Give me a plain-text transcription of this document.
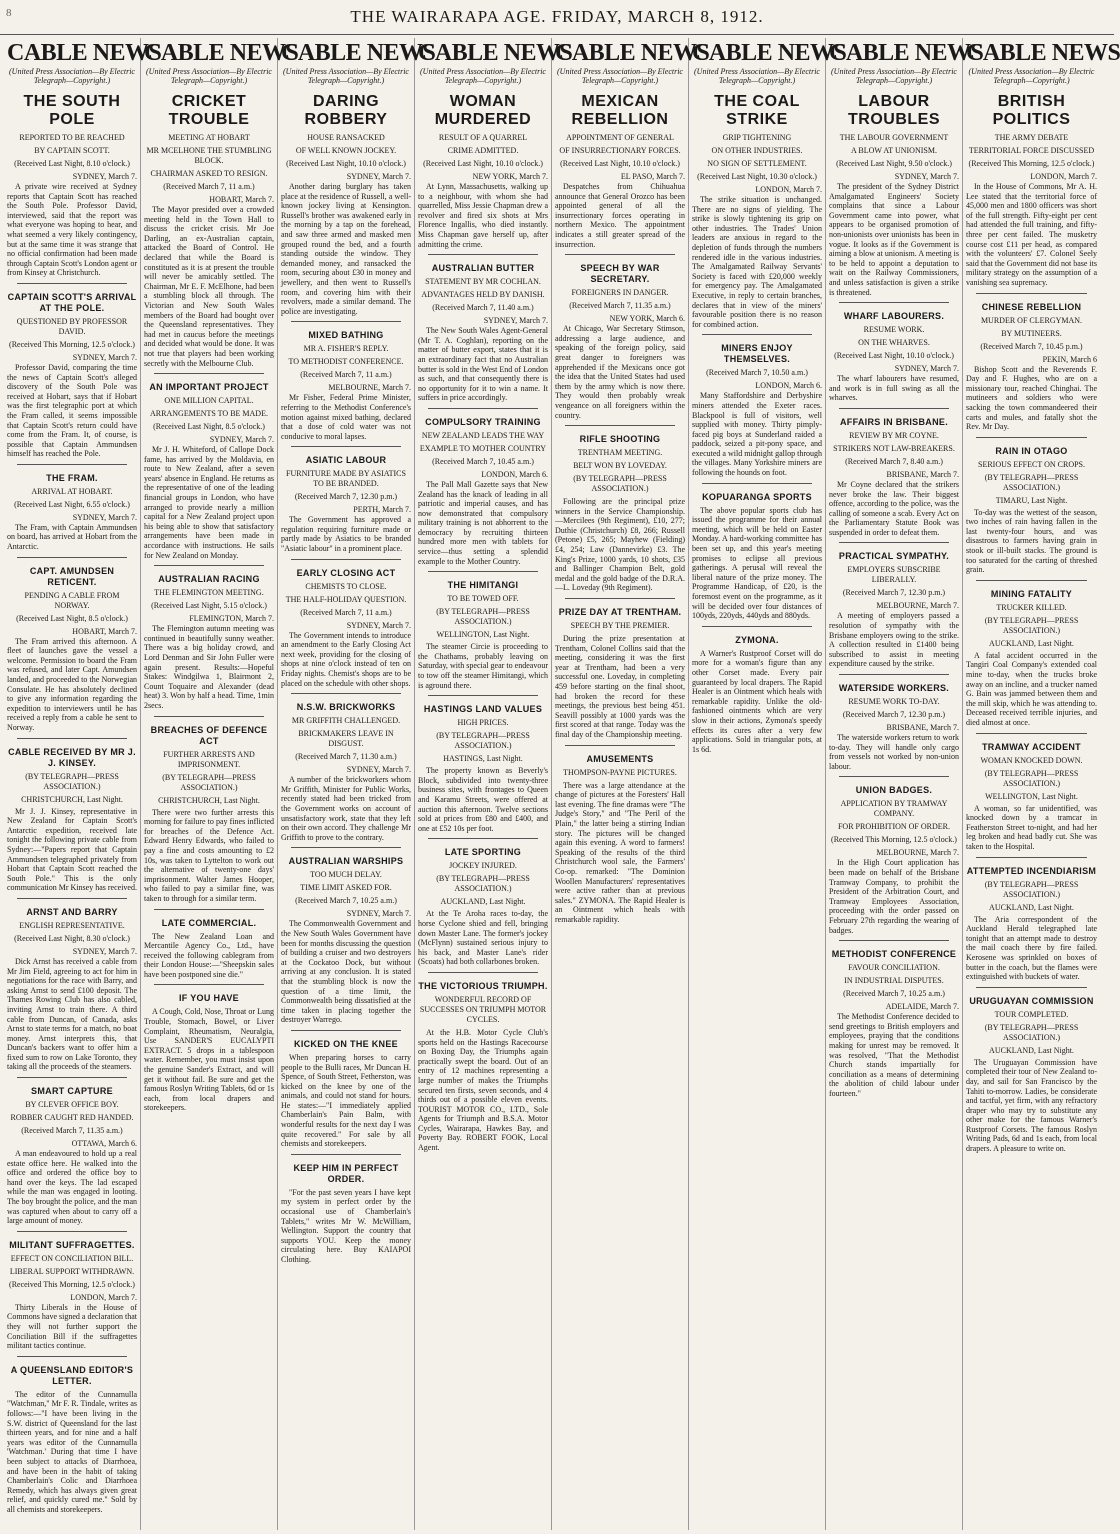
8	THE WAIRARAPA AGE. FRIDAY, MARCH 8, 1912.
CABLE NEWS
(United Press Association—By Electric Telegraph—Copyright.)
THE SOUTH POLE
REPORTED TO BE REACHED
BY CAPTAIN SCOTT.
(Received Last Night, 8.10 o'clock.)
SYDNEY, March 7.

A private wire received at Sydney reports that Captain Scott has reached the South Pole. Professor David, interviewed, said that the report was what everyone was hoping to hear, and what seemed a very likely contingency, but at the same time it was strange that no official confirmation had been made through Captain Scott's London agent or from Kinsey at Christchurch.

CAPTAIN SCOTT'S ARRIVAL AT THE POLE.
QUESTIONED BY PROFESSOR DAVID.
(Received This Morning, 12.5 o'clock.)
SYDNEY, March 7.

Professor David, comparing the time the news of Captain Scott's alleged discovery of the South Pole was received at Hobart, says that if Hobart was the first telegraphic port at which the Fram called, it seems impossible that Captain Scott's return could have come from the Fram. It, of course, is possible that Captain Ammundsen himself has reached the Pole.

THE FRAM.
ARRIVAL AT HOBART.
(Received Last Night, 6.55 o'clock.)
SYDNEY, March 7.

The Fram, with Captain Ammundsen on board, has arrived at Hobart from the Antarctic.

CAPT. AMUNDSEN RETICENT.
PENDING A CABLE FROM NORWAY.
(Received Last Night, 8.5 o'clock.)
HOBART, March 7.

The Fram arrived this afternoon. A fleet of launches gave the vessel a welcome. Permission to board the Fram was refused, and later Capt. Amundsen landed, and proceeded to the Norwegian Consulate. He has absolutely declined to give any information regarding the expedition to interviewers until he has received a reply from a cable he sent to Norway.

CABLE RECEIVED BY MR J. J. KINSEY.
(BY TELEGRAPH—PRESS ASSOCIATION.)
CHRISTCHURCH, Last Night.

Mr J. J. Kinsey, representative in New Zealand for Captain Scott's Antarctic expedition, received late tonight the following private cable from Sydney:—"Papers report that Captain Ammundsen telegraphed privately from Hobart that Captain Scott reached the South Pole." This is the only communication Mr Kinsey has received.

ARNST AND BARRY
ENGLISH REPRESENTATIVE.
(Received Last Night, 8.30 o'clock.)
SYDNEY, March 7.

Dick Arnst has received a cable from Mr Jim Field, agreeing to act for him in negotiations for the race with Barry, and asking Arnst to send £100 deposit. The Thames Rowing Club has also cabled, inviting Arnst to train there. A third cable from Duncan, of Canada, asks Arnst to state terms for a match, no boat money. Arnst interprets this, that Duncan's backers want to offer him a fixed sum to row on Lake Toronto, they taking all the proceeds of the steamers.

SMART CAPTURE
BY CLEVER OFFICE BOY.
ROBBER CAUGHT RED HANDED.
(Received March 7, 11.35 a.m.)
OTTAWA, March 6.

A man endeavoured to hold up a real estate office here. He walked into the office and ordered the office boy to hand over the keys. The lad escaped while the man was engaged in looting. The boy brought the police, and the man was captured when about to carry off a large amount of money.

MILITANT SUFFRAGETTES.
EFFECT ON CONCILIATION BILL.
LIBERAL SUPPORT WITHDRAWN.
(Received This Morning, 12.5 o'clock.)
LONDON, March 7.

Thirty Liberals in the House of Commons have signed a declaration that they will not further support the Conciliation Bill if the suffragettes militant tactics continue.

A QUEENSLAND EDITOR'S LETTER.

The editor of the Cunnamulla "Watchman," Mr F. R. Tindale, writes as follows:—"I have been living in the S.W. district of Queensland for the last thirteen years, and for nine and a half years was editor of the Cunnamulla 'Watchman.' During that time I have been subject to attacks of Diarrhoea, and have been in the habit of taking Chamberlain's Colic and Diarrhoea Remedy, which has always given great relief, and quickly cured me." Sold by all chemists and storekeepers.

CABLE NEWS
(United Press Association—By Electric Telegraph—Copyright.)
CRICKET TROUBLE
MEETING AT HOBART
MR MCELHONE THE STUMBLING BLOCK.
CHAIRMAN ASKED TO RESIGN.
(Received March 7, 11 a.m.)
HOBART, March 7.

The Mayor presided over a crowded meeting held in the Town Hall to discuss the cricket crisis. Mr Joe Darling, an ex-Australian captain, attacked the Board of Control. He declared that while the Board is constituted as it is at present the trouble will never be amicably settled. The Chairman, Mr E. F. McElhone, had been a stumbling block all through. The Victorian and New South Wales members of the Board had bought over the Queensland representatives. They had met in caucus before the meetings and decided what would be done. It was not true that players had been working secretly with the Melbourne Club.

AN IMPORTANT PROJECT
ONE MILLION CAPITAL.
ARRANGEMENTS TO BE MADE.
(Received Last Night, 8.5 o'clock.)
SYDNEY, March 7.

Mr J. H. Whiteford, of Callope Dock fame, has arrived by the Moldavia, en route to New Zealand, after a seven years' absence in England. He returns as the representative of one of the leading financial groups in London, who have arranged to provide nearly a million capital for a New Zealand project upon his being able to show that satisfactory arrangements have been made in accordance with instructions. He sails for New Zealand on Monday.

AUSTRALIAN RACING
THE FLEMINGTON MEETING.
(Received Last Night, 5.15 o'clock.)
FLEMINGTON, March 7.

The Flemington autumn meeting was continued in beautifully sunny weather. There was a big holiday crowd, and Lord Denman and Sir John Fuller were again present. Results:—Hopeful Stakes: Windgilwa 1, Blairmont 2, Count Toquaire and Alexander (dead heat) 3. Won by half a head. Time, 1min 2secs.

BREACHES OF DEFENCE ACT
FURTHER ARRESTS AND IMPRISONMENT.
(BY TELEGRAPH—PRESS ASSOCIATION.)
CHRISTCHURCH, Last Night.

There were two further arrests this morning for failure to pay fines inflicted for breaches of the Defence Act. Edward Henry Edwards, who failed to pay a fine and costs amounting to £2 10s, was taken to Lyttelton to work out the alternative of twenty-one days' imprisonment. Walter James Hooper, who failed to pay a similar fine, was taken to through for a similar term.

LATE COMMERCIAL.

The New Zealand Loan and Mercantile Agency Co., Ltd., have received the following cablegram from their London House:—"Sheepskin sales have been postponed sine die."

IF YOU HAVE

A Cough, Cold, Nose, Throat or Lung Trouble, Stomach, Bowel, or Liver Complaint, Rheumatism, Neuralgia, Use SANDER'S EUCALYPTI EXTRACT. 5 drops in a tablespoon water. Remember, you must insist upon the genuine Sander's Extract, and will get it without fail. Be sure and get the famous Roslyn Writing Tablets, 6d or 1s each, from local drapers and storekeepers.

CABLE NEWS
(United Press Association—By Electric Telegraph—Copyright.)
DARING ROBBERY
HOUSE RANSACKED
OF WELL KNOWN JOCKEY.
(Received Last Night, 10.10 o'clock.)
SYDNEY, March 7.

Another daring burglary has taken place at the residence of Russell, a well-known jockey living at Kensington. Russell's brother was awakened early in the morning by a tap on the forehead, and saw three armed and masked men grouped round the bed, and a fourth standing outside the window. They demanded money, and ransacked the room, securing about £30 in money and jewellery, and then went to Russell's room, and covering him with their revolvers, made a similar demand. The police are investigating.

MIXED BATHING
MR A. FISHER'S REPLY.
TO METHODIST CONFERENCE.
(Received March 7, 11 a.m.)
MELBOURNE, March 7.

Mr Fisher, Federal Prime Minister, referring to the Methodist Conference's motion against mixed bathing, declared that a dose of cold water was not conducive to moral lapses.

ASIATIC LABOUR
FURNITURE MADE BY ASIATICS TO BE BRANDED.
(Received March 7, 12.30 p.m.)
PERTH, March 7.

The Government has approved a regulation requiring furniture made or partly made by Asiatics to be branded "Asiatic labour" in a prominent place.

EARLY CLOSING ACT
CHEMISTS TO CLOSE.
THE HALF-HOLIDAY QUESTION.
(Received March 7, 11 a.m.)
SYDNEY, March 7.

The Government intends to introduce an amendment to the Early Closing Act next week, providing for the closing of shops at nine o'clock instead of ten on Friday nights. Chemist's shops are to be placed on the schedule with other shops.

N.S.W. BRICKWORKS
MR GRIFFITH CHALLENGED.
BRICKMAKERS LEAVE IN DISGUST.
(Received March 7, 11.30 a.m.)
SYDNEY, March 7.

A number of the brickworkers whom Mr Griffith, Minister for Public Works, recently stated had been tricked from the Government works on account of unsatisfactory work, state that they left on their own accord. They challenge Mr Griffith to prove to the contrary.

AUSTRALIAN WARSHIPS
TOO MUCH DELAY.
TIME LIMIT ASKED FOR.
(Received March 7, 10.25 a.m.)
SYDNEY, March 7.

The Commonwealth Government and the New South Wales Government have been for months discussing the question of building a cruiser and two destroyers at the Cockatoo Dock, but without arriving at any conclusion. It is stated that the stumbling block is now the question of a time limit, the Commonwealth being dissatisfied at the time taken in placing together the destroyer Warrego.

KICKED ON THE KNEE

When preparing horses to carry people to the Bulli races, Mr Duncan H. Spence, of South Street, Fetherston, was kicked on the knee by one of the animals, and could not stand for hours. He states:—"I immediately applied Chamberlain's Pain Balm, with wonderful results for the next day I was quite recovered." For sale by all chemists and storekeepers.

KEEP HIM IN PERFECT ORDER.

"For the past seven years I have kept my system in perfect order by the occasional use of Chamberlain's Tablets," writes Mr W. McWilliam, Wellington. Support the country that supports YOU. Keep the money circulating here. Buy KAIAPOI Clothing.

CABLE NEWS
(United Press Association—By Electric Telegraph—Copyright.)
WOMAN MURDERED
RESULT OF A QUARREL
CRIME ADMITTED.
(Received Last Night, 10.10 o'clock.)
NEW YORK, March 7.

At Lynn, Massachusetts, walking up to a neighbour, with whom she had quarrelled, Miss Jessie Chapman drew a revolver and fired six shots at Mrs Florence Ingallis, who died instantly. Miss Chapman gave herself up, after admitting the crime.

AUSTRALIAN BUTTER
STATEMENT BY MR COCHLAN.
ADVANTAGES HELD BY DANISH.
(Received March 7, 11.40 a.m.)
SYDNEY, March 7.

The New South Wales Agent-General (Mr T. A. Coghlan), reporting on the matter of butter export, states that it is an extraordinary fact that no Australian butter is sold in the West End of London as such, and that consequently there is no opportunity for it to win a name. It suffers in price accordingly.

COMPULSORY TRAINING
NEW ZEALAND LEADS THE WAY
EXAMPLE TO MOTHER COUNTRY
(Received March 7, 10.45 a.m.)
LONDON, March 6.

The Pall Mall Gazette says that New Zealand has the knack of leading in all patriotic and imperial causes, and has now demonstrated that compulsory military training is not abhorrent to the democracy by recruiting thirteen hundred more men with tablets for service—thus setting a splendid example to the Mother Country.

THE HIMITANGI
TO BE TOWED OFF.
(BY TELEGRAPH—PRESS ASSOCIATION.)
WELLINGTON, Last Night.

The steamer Circie is proceeding to the Chathams, probably leaving on Saturday, with special gear to endeavour to tow off the steamer Himitangi, which is aground there.

HASTINGS LAND VALUES
HIGH PRICES.
(BY TELEGRAPH—PRESS ASSOCIATION.)
HASTINGS, Last Night.

The property known as Beverly's Block, subdivided into twenty-three business sites, with frontages to Queen and Karamu Streets, were offered at auction this afternoon. Twelve sections sold at prices from £80 and £400, and one at £52 10s per foot.

LATE SPORTING
JOCKEY INJURED.
(BY TELEGRAPH—PRESS ASSOCIATION.)
AUCKLAND, Last Night.

At the Te Aroha races to-day, the horse Cyclone shied and fell, bringing down Master Lane. The former's jockey (McFlynn) sustained serious injury to his back, and Master Lane's rider (Scoats) had both collarbones broken.

THE VICTORIOUS TRIUMPH.
WONDERFUL RECORD OF SUCCESSES ON TRIUMPH MOTOR CYCLES.

At the H.B. Motor Cycle Club's sports held on the Hastings Racecourse on Boxing Day, the Triumphs again practically swept the board. Out of an entry of 12 machines representing a large number of makes the Triumphs secured ten firsts, seven seconds, and 4 thirds out of a possible eleven events. TOURIST MOTOR CO., LTD., Sole Agents for Triumph and B.S.A. Motor Cycles, Wairarapa, Hawkes Bay, and Poverty Bay. ROBERT FOOK, Local Agent.

CABLE NEWS
(United Press Association—By Electric Telegraph—Copyright.)
MEXICAN REBELLION
APPOINTMENT OF GENERAL
OF INSURRECTIONARY FORCES.
(Received Last Night, 10.10 o'clock.)
EL PASO, March 7.

Despatches from Chihuahua announce that General Orozco has been appointed general of all the insurrectionary forces operating in northern Mexico. The appointment indicates a still greater spread of the insurrection.

SPEECH BY WAR SECRETARY.
FOREIGNERS IN DANGER.
(Received March 7, 11.35 a.m.)
NEW YORK, March 6.

At Chicago, War Secretary Stimson, addressing a large audience, and speaking of the foreign policy, said great danger to foreigners was apprehended if the Mexicans once got the idea that the United States had used them by the army which is now there. They would then probably wreak vengeance on all foreigners within the country.

RIFLE SHOOTING
TRENTHAM MEETING.
BELT WON BY LOVEDAY.
(BY TELEGRAPH—PRESS ASSOCIATION.)

Following are the principal prize winners in the Service Championship. —Mercilees (9th Regiment), £10, 277; Duthie (Christchurch) £8, 266; Russell (Petone) £5, 265; Mayhew (Fielding) £4, 254; Law (Dannevirke) £3. The King's Prize, 1000 yards, 10 shots, £35 and Ballinger Champion Belt, gold medal and the gold badge of the D.R.A.—L. Loveday (9th Regiment).

PRIZE DAY AT TRENTHAM.
SPEECH BY THE PREMIER.

During the prize presentation at Trentham, Colonel Collins said that the meeting, considering it was the first year at Trentham, had been a very successful one. Loveday, in completing 459 before starting on the final shoot, had broken the record for these meetings, the previous best being 451. Seavill possibly at 1000 yards was the first scored at that range. Today was the final day of the Championship meeting.

AMUSEMENTS
THOMPSON-PAYNE PICTURES.

There was a large attendance at the change of pictures at the Foresters' Hall last evening. The fine dramas were "The Judge's Story," and "The Peril of the Plain," the latter being a stirring Indian story. The pictures will be changed again this evening. A word to farmers! Speaking of the results of the third Christchurch wool sale, the Farmers' Co-op. remarked: "The Dominion Woollen Manufacturers' representatives were active rather than at previous sales." ZYMONA. The Rapid Healer is an Ointment which heals with remarkable rapidity.

CABLE NEWS
(United Press Association—By Electric Telegraph—Copyright.)
THE COAL STRIKE
GRIP TIGHTENING
ON OTHER INDUSTRIES.
NO SIGN OF SETTLEMENT.
(Received Last Night, 10.30 o'clock.)
LONDON, March 7.

The strike situation is unchanged. There are no signs of yielding. The strike is slowly tightening its grip on other industries. The Trades' Union leaders are anxious in regard to the depletion of funds through the numbers rendered idle in the various industries. The Amalgamated Railway Servants' Society is faced with £20,000 weekly for emergency pay. The Amalgamated Executive, in reply to certain branches, declares that in view of the miners' favourable position there is no reason for combined action.

MINERS ENJOY THEMSELVES.
(Received March 7, 10.50 a.m.)
LONDON, March 6.

Many Staffordshire and Derbyshire miners attended the Exeter races. Blackpool is full of visitors, well supplied with money. Thirty pimply-faced pig boys at Sunderland raided a paddock, seized a pit-pony space, and executed a wild midnight gallop through the villages. Many Yorkshire miners are following the hounds on foot.

KOPUARANGA SPORTS

The above popular sports club has issued the programme for their annual meeting, which will be held on Easter Monday. A hard-working committee has been set up, and this year's meeting promises to eclipse all previous gatherings. A perusal will reveal the liberal nature of the prize money. The Programme Handicap, of £20, is the foremost event on the programme, as it will be decided over four distances of 100yds, 220yds, 440yds and 880yds.

ZYMONA.

A Warner's Rustproof Corset will do more for a woman's figure than any other Corset made. Every pair guaranteed by local drapers. The Rapid Healer is an Ointment which heals with remarkable rapidity. Unlike the old-fashioned ointments which are very slow in their actions, Zymona's speedy effects its cures after a very few applications. Sold in triangular pots, at 1s 6d.

CABLE NEWS
(United Press Association—By Electric Telegraph—Copyright.)
LABOUR TROUBLES
THE LABOUR GOVERNMENT
A BLOW AT UNIONISM.
(Received Last Night, 9.50 o'clock.)
SYDNEY, March 7.

The president of the Sydney District Amalgamated Engineers' Society complains that since a Labour Government came into power, what appears to be organised promotion of non-unionists over unionists has been in vogue. It looks as if the Government is aiming a blow at unionism. A meeting is to be held to appoint a deputation to wait on the Railway Commissioners, and unless satisfaction is given a strike is threatened.

WHARF LABOURERS.
RESUME WORK.
ON THE WHARVES.
(Received Last Night, 10.10 o'clock.)
SYDNEY, March 7.

The wharf labourers have resumed, and work is in full swing as all the wharves.

AFFAIRS IN BRISBANE.
REVIEW BY MR COYNE.
STRIKERS NOT LAW-BREAKERS.
(Received March 7, 8.40 a.m.)
BRISBANE, March 7.

Mr Coyne declared that the strikers never broke the law. Their biggest offence, according to the police, was the calling of someone a scab. Every Act on the Parliamentary Statute Book was suspended in order to defeat them.

PRACTICAL SYMPATHY.
EMPLOYERS SUBSCRIBE LIBERALLY.
(Received March 7, 12.30 p.m.)
MELBOURNE, March 7.

A meeting of employers passed a resolution of sympathy with the Brisbane employers owing to the strike. A collection resulted in £1400 being subscribed to assist in meeting expenditure caused by the strike.

WATERSIDE WORKERS.
RESUME WORK TO-DAY.
(Received March 7, 12.30 p.m.)
BRISBANE, March 7.

The waterside workers return to work to-day. They will handle only cargo from vessels not worked by non-union labour.

UNION BADGES.
APPLICATION BY TRAMWAY COMPANY.
FOR PROHIBITION OF ORDER.
(Received This Morning, 12.5 o'clock.)
MELBOURNE, March 7.

In the High Court application has been made on behalf of the Brisbane Tramway Company, to prohibit the President of the Arbitration Court, and Tramway Employees Association, proceeding with the order passed on February 27th regarding the wearing of badges.

METHODIST CONFERENCE
FAVOUR CONCILIATION.
IN INDUSTRIAL DISPUTES.
(Received March 7, 10.25 a.m.)
ADELAIDE, March 7.

The Methodist Conference decided to send greetings to British employers and employees, praying that the conditions making for unrest may be removed. It was resolved, "That the Methodist Church stands impartially for conciliation as a means of determining the abolition of child labour under fourteen."

CABLE NEWS
(United Press Association—By Electric Telegraph—Copyright.)
BRITISH POLITICS
THE ARMY DEBATE
TERRITORIAL FORCE DISCUSSED
(Received This Morning, 12.5 o'clock.)
LONDON, March 7.

In the House of Commons, Mr A. H. Lee stated that the territorial force of 45,000 men and 1800 officers was short of the full strength. Fifty-eight per cent had attended the full training, and fifty-three per cent failed. The musketry course cost £11 per head, as compared with the volunteers' £7. Colonel Seely said that the Government did not base its military strategy on the assumption of a vanishing sea supremacy.

CHINESE REBELLION
MURDER OF CLERGYMAN.
BY MUTINEERS.
(Received March 7, 10.45 p.m.)
PEKIN, March 6

Bishop Scott and the Reverends F. Day and F. Hughes, who are on a missionary tour, reached Chinghai. The mutineers and soldiers who were sacking the town commandeered their carts and mules, and fatally shot the Rev. Mr Day.

RAIN IN OTAGO
SERIOUS EFFECT ON CROPS.
(BY TELEGRAPH—PRESS ASSOCIATION.)
TIMARU, Last Night.

To-day was the wettest of the season, two inches of rain having fallen in the last twenty-four hours, and was disastrous to farmers having grain in stook or ill-built stacks. The ground is too saturated for the carting of threshed grain.

MINING FATALITY
TRUCKER KILLED.
(BY TELEGRAPH—PRESS ASSOCIATION.)
AUCKLAND, Last Night.

A fatal accident occurred in the Tangiri Coal Company's extended coal mine to-day, when the trucks broke away on an incline, and a trucker named G. Bain was jammed between them and the mill skip, which he was attending to. Deceased received terrible injuries, and died almost at once.

TRAMWAY ACCIDENT
WOMAN KNOCKED DOWN.
(BY TELEGRAPH—PRESS ASSOCIATION.)
WELLINGTON, Last Night.

A woman, so far unidentified, was knocked down by a tramcar in Featherston Street to-night, and had her leg broken and head badly cut. She was taken to the Hospital.

ATTEMPTED INCENDIARISM
(BY TELEGRAPH—PRESS ASSOCIATION.)
AUCKLAND, Last Night.

The Aria correspondent of the Auckland Herald telegraphed late tonight that an attempt made to destroy the mail coach there by fire failed. Kerosene was sprinkled on boxes of butter in the coach, but the flames were extinguished with buckets of water.

URUGUAYAN COMMISSION
TOUR COMPLETED.
(BY TELEGRAPH—PRESS ASSOCIATION.)
AUCKLAND, Last Night.

The Uruguayan Commission have completed their tour of New Zealand to-day, and sail for San Francisco by the Tahiti to-morrow. Ladies, be considerate and tactful, yet firm, with any refractory draper who may try to substitute any other make for the famous Warner's Rustproof Corsets. The famous Roslyn Writing Pads, 6d and 1s each, from local drapers. A pleasure to write on.
